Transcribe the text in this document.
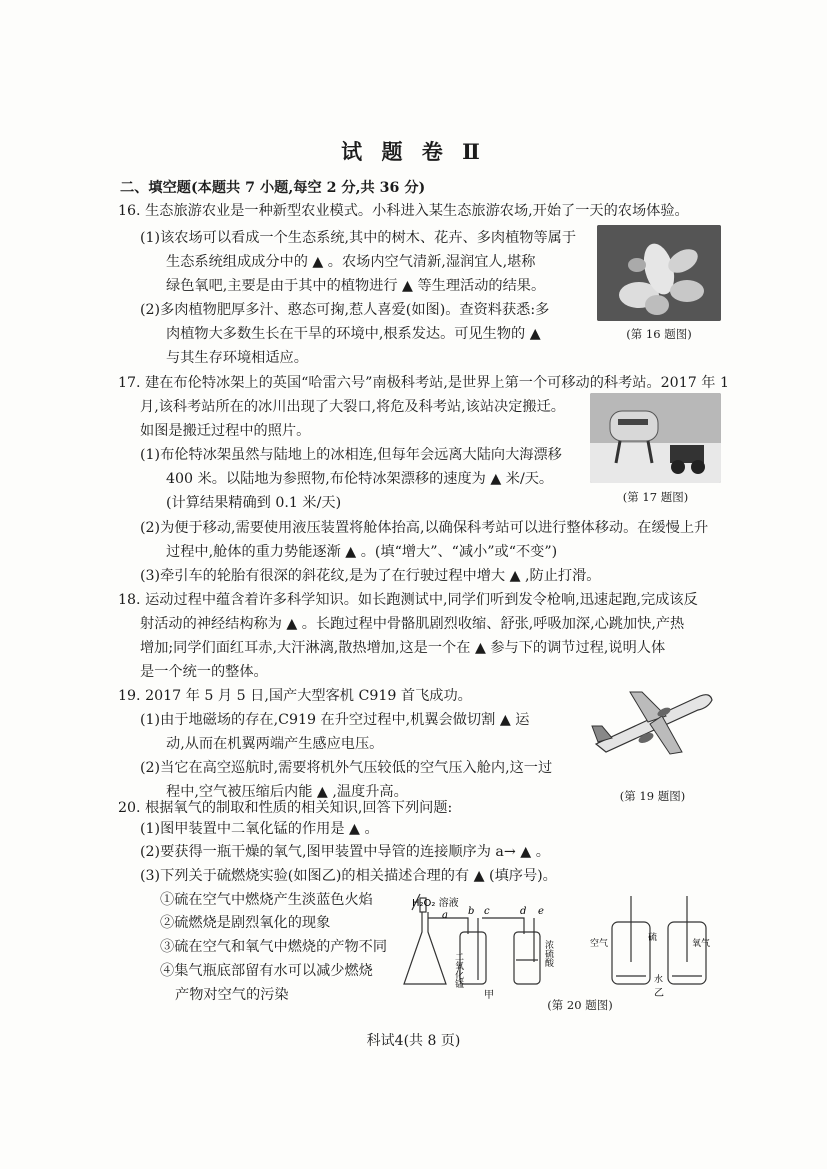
试 题 卷 Ⅱ
二、填空题(本题共 7 小题,每空 2 分,共 36 分)
16. 生态旅游农业是一种新型农业模式。小科进入某生态旅游农场,开始了一天的农场体验。
(1)该农场可以看成一个生态系统,其中的树木、花卉、多肉植物等属于
生态系统组成成分中的 ▲ 。农场内空气清新,湿润宜人,堪称
绿色氧吧,主要是由于其中的植物进行 ▲ 等生理活动的结果。
(2)多肉植物肥厚多汁、憨态可掬,惹人喜爱(如图)。查资料获悉:多
肉植物大多数生长在干旱的环境中,根系发达。可见生物的 ▲
与其生存环境相适应。
(第 16 题图)
17. 建在布伦特冰架上的英国“哈雷六号”南极科考站,是世界上第一个可移动的科考站。2017 年 1
月,该科考站所在的冰川出现了大裂口,将危及科考站,该站决定搬迁。
如图是搬迁过程中的照片。
(1)布伦特冰架虽然与陆地上的冰相连,但每年会远离大陆向大海漂移
400 米。以陆地为参照物,布伦特冰架漂移的速度为 ▲ 米/天。
(计算结果精确到 0.1 米/天)
(2)为便于移动,需要使用液压装置将舱体抬高,以确保科考站可以进行整体移动。在缓慢上升
过程中,舱体的重力势能逐渐 ▲ 。(填“增大”、“减小”或“不变”)
(3)牵引车的轮胎有很深的斜花纹,是为了在行驶过程中增大 ▲ ,防止打滑。
(第 17 题图)
18. 运动过程中蕴含着许多科学知识。如长跑测试中,同学们听到发令枪响,迅速起跑,完成该反
射活动的神经结构称为 ▲ 。长跑过程中骨骼肌剧烈收缩、舒张,呼吸加深,心跳加快,产热
增加;同学们面红耳赤,大汗淋漓,散热增加,这是一个在 ▲ 参与下的调节过程,说明人体
是一个统一的整体。
19. 2017 年 5 月 5 日,国产大型客机 C919 首飞成功。
(1)由于地磁场的存在,C919 在升空过程中,机翼会做切割 ▲ 运
动,从而在机翼两端产生感应电压。
(2)当它在高空巡航时,需要将机外气压较低的空气压入舱内,这一过
程中,空气被压缩后内能 ▲ ,温度升高。	(第 19 题图)
20. 根据氧气的制取和性质的相关知识,回答下列问题:
(1)图甲装置中二氧化锰的作用是 ▲ 。
(2)要获得一瓶干燥的氧气,图甲装置中导管的连接顺序为 a→ ▲ 。
(3)下列关于硫燃烧实验(如图乙)的相关描述合理的有 ▲ (填序号)。
①硫在空气中燃烧产生淡蓝色火焰
②硫燃烧是剧烈氧化的现象
③硫在空气和氧气中燃烧的产物不同
④集气瓶底部留有水可以减少燃烧
产物对空气的污染
H₂O₂ 溶液
a b c	d e
二氧化锰	浓硫酸
甲
空气
硫
氧气
水
乙
(第 20 题图)
科试4(共 8 页)
